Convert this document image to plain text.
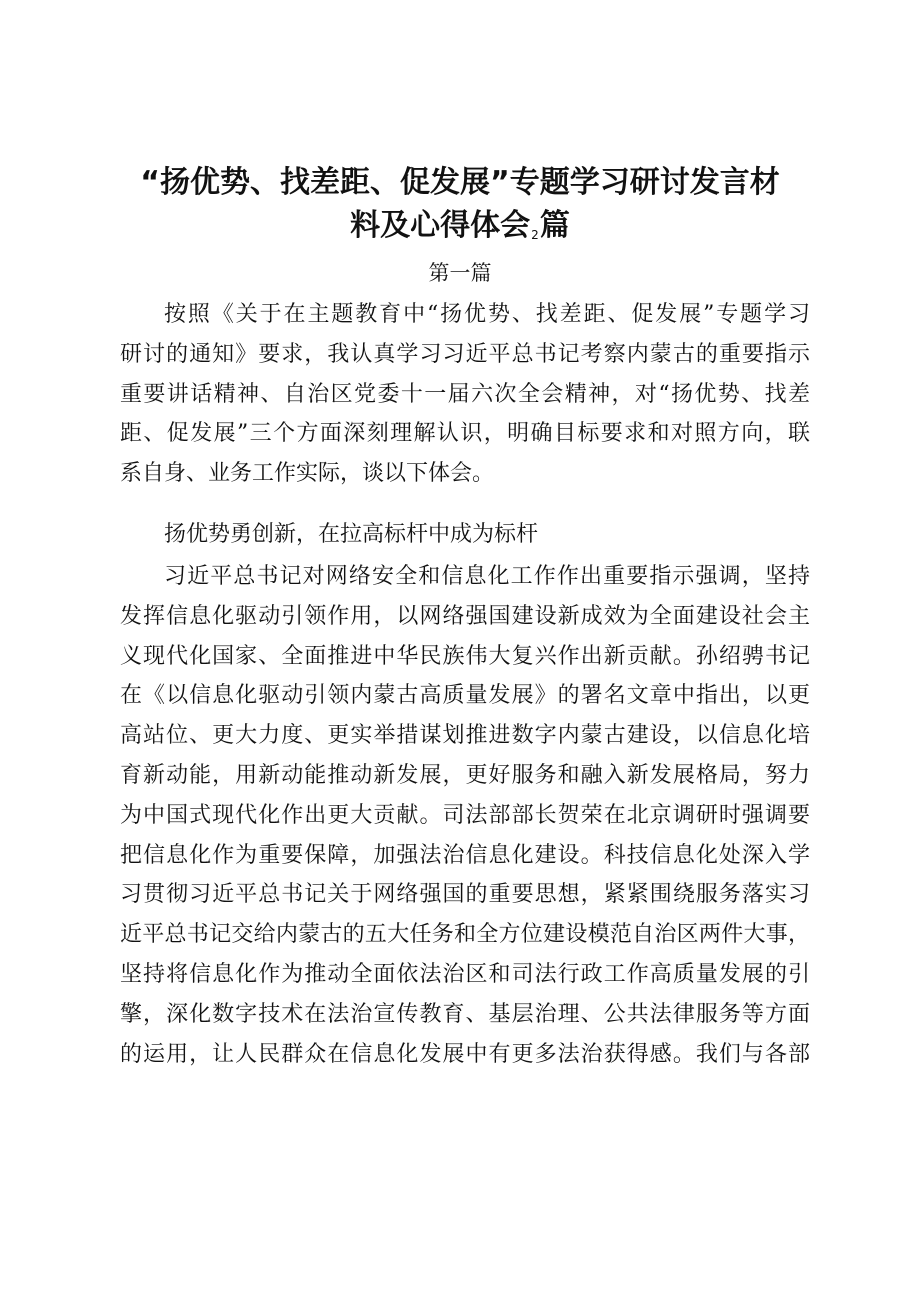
“扬优势、找差距、促发展”专题学习研讨发言材
料及心得体会2篇
第一篇
按照《关于在主题教育中“扬优势、找差距、促发展”专题学习
研讨的通知》要求，我认真学习习近平总书记考察内蒙古的重要指示
重要讲话精神、自治区党委十一届六次全会精神，对“扬优势、找差
距、促发展”三个方面深刻理解认识，明确目标要求和对照方向，联
系自身、业务工作实际，谈以下体会。
扬优势勇创新，在拉高标杆中成为标杆
习近平总书记对网络安全和信息化工作作出重要指示强调，坚持
发挥信息化驱动引领作用，以网络强国建设新成效为全面建设社会主
义现代化国家、全面推进中华民族伟大复兴作出新贡献。孙绍骋书记
在《以信息化驱动引领内蒙古高质量发展》的署名文章中指出，以更
高站位、更大力度、更实举措谋划推进数字内蒙古建设，以信息化培
育新动能，用新动能推动新发展，更好服务和融入新发展格局，努力
为中国式现代化作出更大贡献。司法部部长贺荣在北京调研时强调要
把信息化作为重要保障，加强法治信息化建设。科技信息化处深入学
习贯彻习近平总书记关于网络强国的重要思想，紧紧围绕服务落实习
近平总书记交给内蒙古的五大任务和全方位建设模范自治区两件大事，
坚持将信息化作为推动全面依法治区和司法行政工作高质量发展的引
擎，深化数字技术在法治宣传教育、基层治理、公共法律服务等方面
的运用，让人民群众在信息化发展中有更多法治获得感。我们与各部
